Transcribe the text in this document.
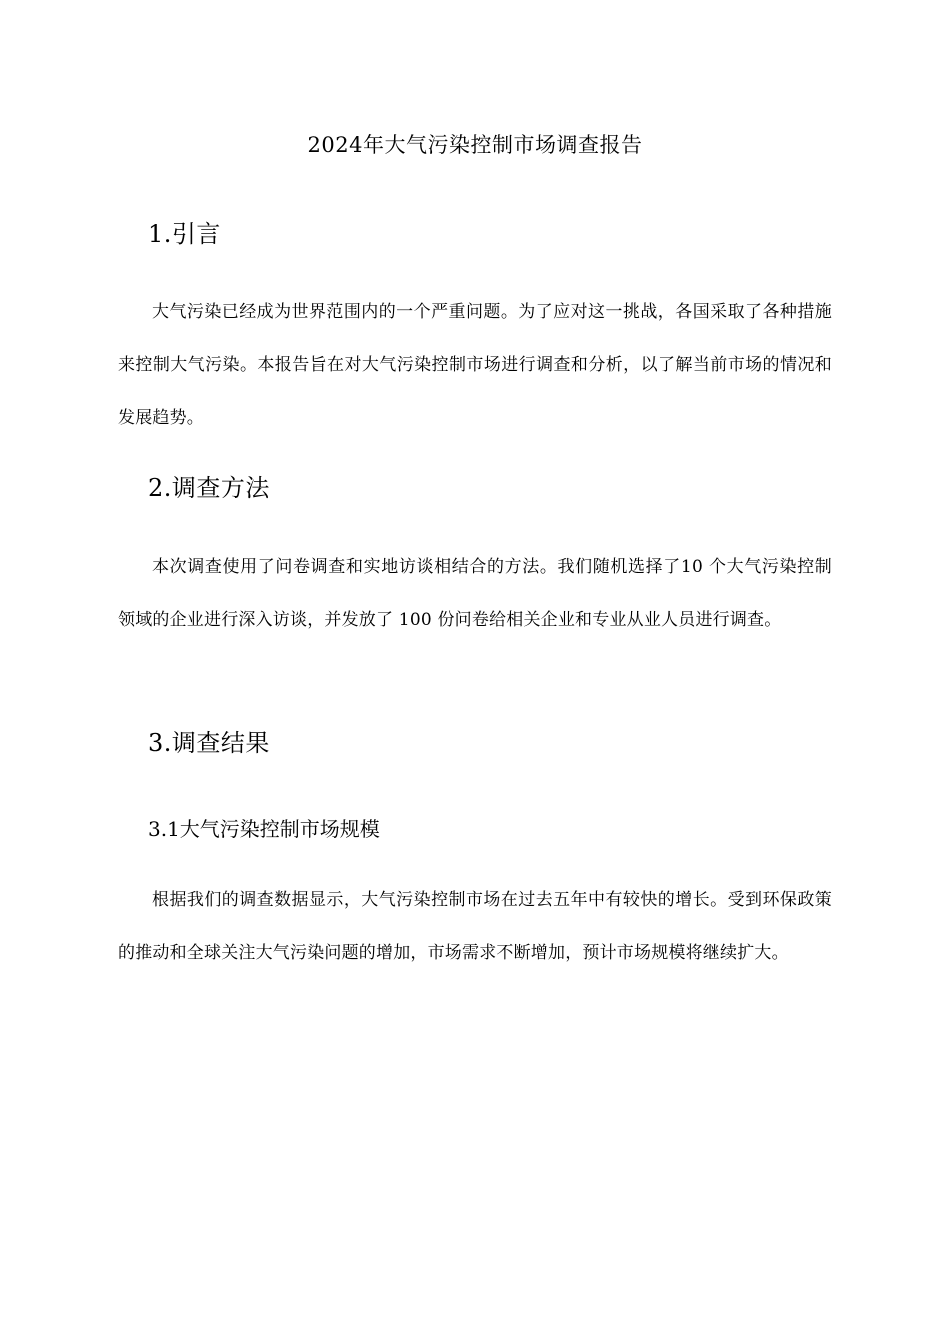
2024年大气污染控制市场调查报告
1.引言

大气污染已经成为世界范围内的一个严重问题。为了应对这一挑战，各国采取了各种措施来控制大气污染。本报告旨在对大气污染控制市场进行调查和分析，以了解当前市场的情况和发展趋势。

2.调查方法

本次调查使用了问卷调查和实地访谈相结合的方法。我们随机选择了10 个大气污染控制领域的企业进行深入访谈，并发放了 100 份问卷给相关企业和专业从业人员进行调查。

3.调查结果
3.1大气污染控制市场规模

根据我们的调查数据显示，大气污染控制市场在过去五年中有较快的增长。受到环保政策的推动和全球关注大气污染问题的增加，市场需求不断增加，预计市场规模将继续扩大。
